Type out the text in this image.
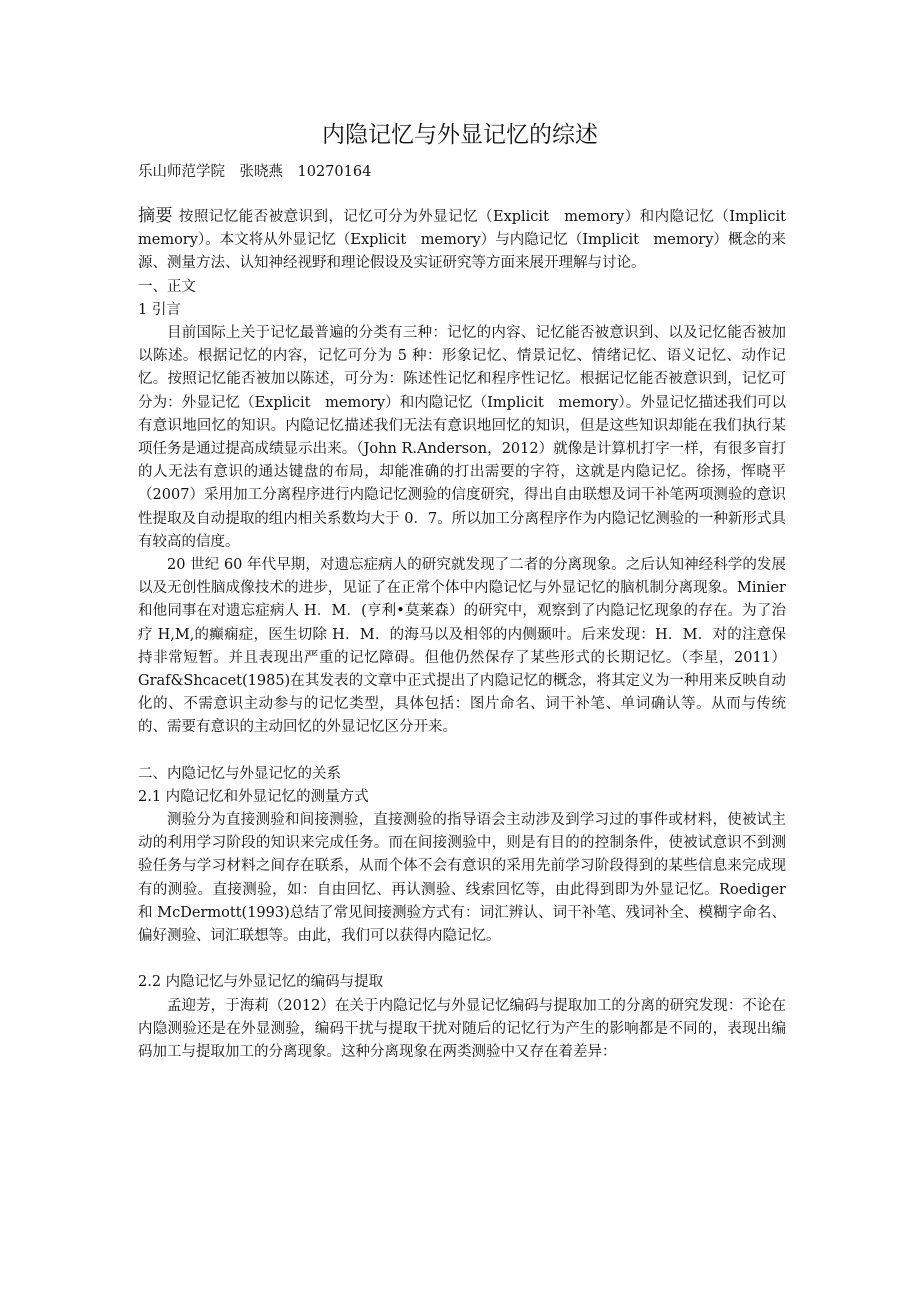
内隐记忆与外显记忆的综述
乐山师范学院　张晓燕　10270164

摘要 按照记忆能否被意识到，记忆可分为外显记忆（Explicit　memory）和内隐记忆（Implicit　memory）。本文将从外显记忆（Explicit　memory）与内隐记忆（Implicit　memory）概念的来源、测量方法、认知神经视野和理论假设及实证研究等方面来展开理解与讨论。

一、正文

1 引言

目前国际上关于记忆最普遍的分类有三种：记忆的内容、记忆能否被意识到、以及记忆能否被加以陈述。根据记忆的内容，记忆可分为 5 种：形象记忆、情景记忆、情绪记忆、语义记忆、动作记忆。按照记忆能否被加以陈述，可分为：陈述性记忆和程序性记忆。根据记忆能否被意识到，记忆可分为：外显记忆（Explicit　memory）和内隐记忆（Implicit　memory）。外显记忆描述我们可以有意识地回忆的知识。内隐记忆描述我们无法有意识地回忆的知识，但是这些知识却能在我们执行某项任务是通过提高成绩显示出来。（John R.Anderson，2012）就像是计算机打字一样，有很多盲打的人无法有意识的通达键盘的布局，却能准确的打出需要的字符，这就是内隐记忆。徐扬，恽晓平（2007）采用加工分离程序进行内隐记忆测验的信度研究，得出自由联想及词干补笔两项测验的意识性提取及自动提取的组内相关系数均大于 0．7。所以加工分离程序作为内隐记忆测验的一种新形式具有较高的信度。

20 世纪 60 年代早期，对遗忘症病人的研究就发现了二者的分离现象。之后认知神经科学的发展以及无创性脑成像技术的进步，见证了在正常个体中内隐记忆与外显记忆的脑机制分离现象。Minier 和他同事在对遗忘症病人 H．M．(亨利•莫莱森）的研究中，观察到了内隐记忆现象的存在。为了治疗 H,M,的癫痫症，医生切除 H．M．的海马以及相邻的内侧颞叶。后来发现：H．M．对的注意保持非常短暂。并且表现出严重的记忆障碍。但他仍然保存了某些形式的长期记忆。（李星，2011）Graf&Shcacet(1985)在其发表的文章中正式提出了内隐记忆的概念，将其定义为一种用来反映自动化的、不需意识主动参与的记忆类型，具体包括：图片命名、词干补笔、单词确认等。从而与传统的、需要有意识的主动回忆的外显记忆区分开来。

二、内隐记忆与外显记忆的关系

2.1 内隐记忆和外显记忆的测量方式

测验分为直接测验和间接测验，直接测验的指导语会主动涉及到学习过的事件或材料，使被试主动的利用学习阶段的知识来完成任务。而在间接测验中，则是有目的的控制条件，使被试意识不到测验任务与学习材料之间存在联系，从而个体不会有意识的采用先前学习阶段得到的某些信息来完成现有的测验。直接测验，如：自由回忆、再认测验、线索回忆等，由此得到即为外显记忆。Roediger 和 McDermott(1993)总结了常见间接测验方式有：词汇辨认、词干补笔、残词补全、模糊字命名、偏好测验、词汇联想等。由此，我们可以获得内隐记忆。

2.2 内隐记忆与外显记忆的编码与提取

孟迎芳，于海莉（2012）在关于内隐记忆与外显记忆编码与提取加工的分离的研究发现：不论在内隐测验还是在外显测验，编码干扰与提取干扰对随后的记忆行为产生的影响都是不同的，表现出编码加工与提取加工的分离现象。这种分离现象在两类测验中又存在着差异：
